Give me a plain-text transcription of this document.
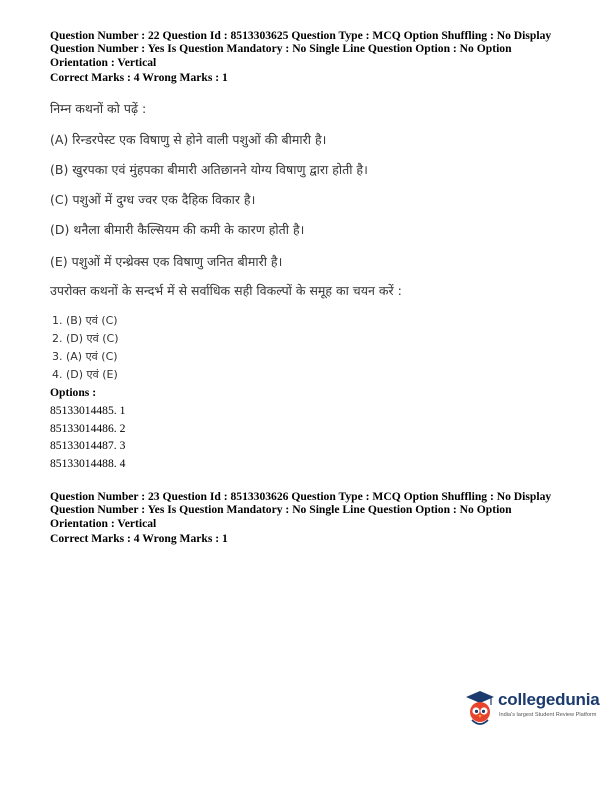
Question Number : 22 Question Id : 8513303625 Question Type : MCQ Option Shuffling : No Display
Question Number : Yes Is Question Mandatory : No Single Line Question Option : No Option
Orientation : Vertical
Correct Marks : 4 Wrong Marks : 1
निम्न कथनों को पढ़ें :
(A) रिन्डरपेस्ट एक विषाणु से होने वाली पशुओं की बीमारी है।
(B) खुरपका एवं मुंहपका बीमारी अतिछानने योग्य विषाणु द्वारा होती है।
(C) पशुओं में दुग्ध ज्वर एक दैहिक विकार है।
(D) थनैला बीमारी कैल्सियम की कमी के कारण होती है।
(E) पशुओं में एन्थ्रेक्स एक विषाणु जनित बीमारी है।
उपरोक्त कथनों के सन्दर्भ में से सर्वाधिक सही विकल्पों के समूह का चयन करें :
1. (B) एवं (C)
2. (D) एवं (C)
3. (A) एवं (C)
4. (D) एवं (E)
Options :
85133014485. 1
85133014486. 2
85133014487. 3
85133014488. 4
Question Number : 23 Question Id : 8513303626 Question Type : MCQ Option Shuffling : No Display
Question Number : Yes Is Question Mandatory : No Single Line Question Option : No Option
Orientation : Vertical
Correct Marks : 4 Wrong Marks : 1
collegedunia
India's largest Student Review Platform
